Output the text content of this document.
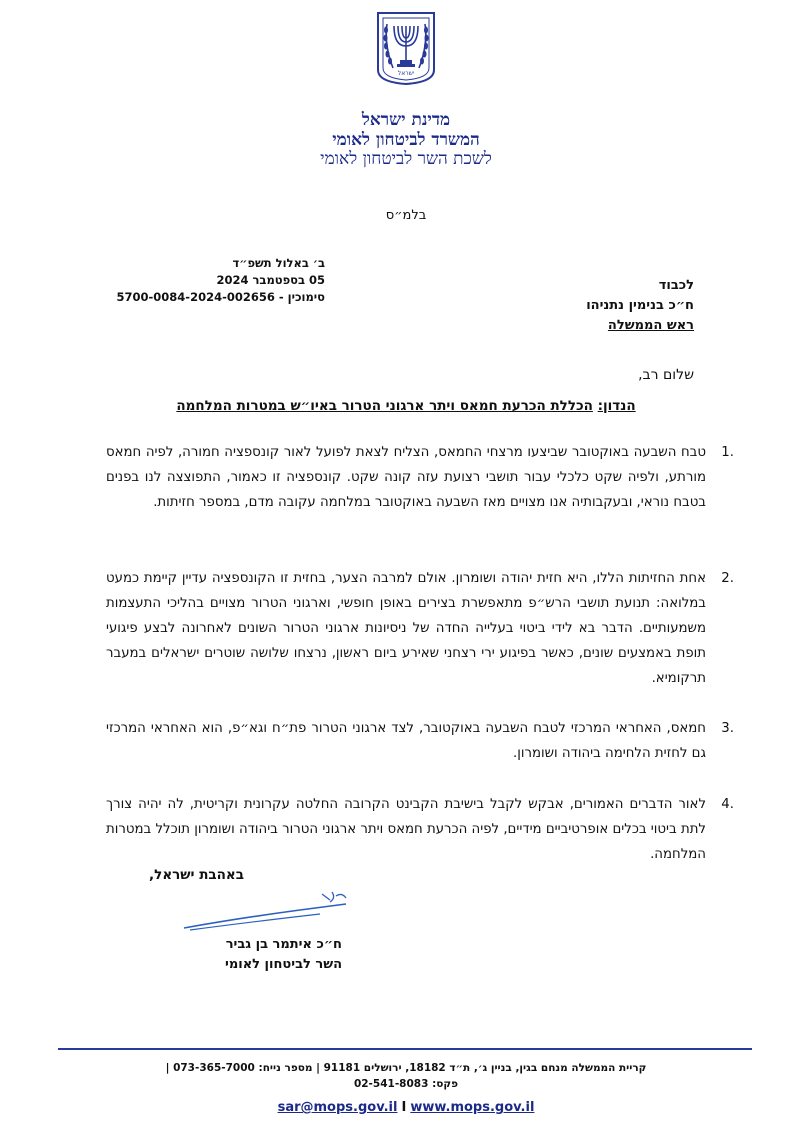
ישראל
מדינת ישראל
המשרד לביטחון לאומי
לשכת השר לביטחון לאומי
בלמ״ס
ב׳ באלול תשפ״ד
05 בספטמבר 2024
סימוכין - 5700-0084-2024-002656
לכבוד
ח״כ בנימין נתניהו
ראש הממשלה
שלום רב,
הנדון: הכללת הכרעת חמאס ויתר ארגוני הטרור באיו״ש במטרות המלחמה
.1
טבח השבעה באוקטובר שביצעו מרצחי החמאס, הצליח לצאת לפועל לאור קונספציה חמורה, לפיה חמאס מורתע, ולפיה שקט כלכלי עבור תושבי רצועת עזה קונה שקט. קונספציה זו כאמור, התפוצצה לנו בפנים בטבח נוראי, ובעקבותיה אנו מצויים מאז השבעה באוקטובר במלחמה עקובה מדם, במספר חזיתות.
.2
אחת החזיתות הללו, היא חזית יהודה ושומרון. אולם למרבה הצער, בחזית זו הקונספציה עדיין קיימת כמעט במלואה: תנועת תושבי הרש״פ מתאפשרת בצירים באופן חופשי, וארגוני הטרור מצויים בהליכי התעצמות משמעותיים. הדבר בא לידי ביטוי בעלייה החדה של ניסיונות ארגוני הטרור השונים לאחרונה לבצע פיגועי תופת באמצעים שונים, כאשר בפיגוע ירי רצחני שאירע ביום ראשון, נרצחו שלושה שוטרים ישראלים במעבר תרקומיא.
.3
חמאס, האחראי המרכזי לטבח השבעה באוקטובר, לצד ארגוני הטרור פת״ח וגא״פ, הוא האחראי המרכזי גם לחזית הלחימה ביהודה ושומרון.
.4
לאור הדברים האמורים, אבקש לקבל בישיבת הקבינט הקרובה החלטה עקרונית וקריטית, לה יהיה צורך לתת ביטוי בכלים אופרטיביים מידיים, לפיה הכרעת חמאס ויתר ארגוני הטרור ביהודה ושומרון תוכלל במטרות המלחמה.
באהבת ישראל,
ח״כ איתמר בן גביר
השר לביטחון לאומי
קריית הממשלה מנחם בגין, בניין ג׳, ת״ד 18182, ירושלים 91181 | מספר נייח: 073-365-7000 |
פקס: 02-541-8083
sar@mops.gov.il I www.mops.gov.il
